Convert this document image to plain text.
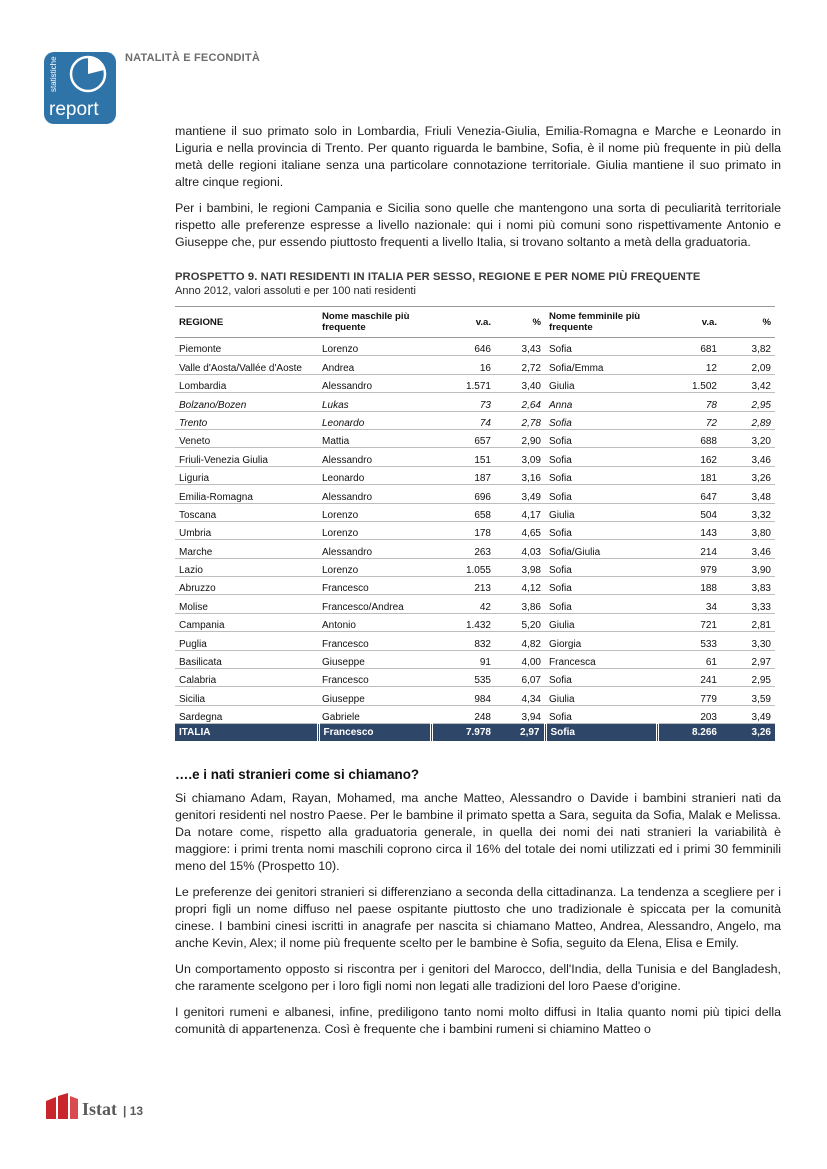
statistiche
report
NATALITÀ E FECONDITÀ

mantiene il suo primato solo in Lombardia, Friuli Venezia-Giulia, Emilia-Romagna e Marche e Leonardo in Liguria e nella provincia di Trento. Per quanto riguarda le bambine, Sofia, è il nome più frequente in più della metà delle regioni italiane senza una particolare connotazione territoriale. Giulia mantiene il suo primato in altre cinque regioni.

Per i bambini, le regioni Campania e Sicilia sono quelle che mantengono una sorta di peculiarità territoriale rispetto alle preferenze espresse a livello nazionale: qui i nomi più comuni sono rispettivamente Antonio e Giuseppe che, pur essendo piuttosto frequenti a livello Italia, si trovano soltanto a metà della graduatoria.

PROSPETTO 9. NATI RESIDENTI IN ITALIA PER SESSO, REGIONE E PER NOME PIÙ FREQUENTE
Anno 2012, valori assoluti e per 100 nati residenti
REGIONE	Nome maschile più frequente	v.a.	%	Nome femminile più frequente	v.a.	%
Piemonte	Lorenzo	646	3,43	Sofia	681	3,82
Valle d'Aosta/Vallée d'Aoste	Andrea	16	2,72	Sofia/Emma	12	2,09
Lombardia	Alessandro	1.571	3,40	Giulia	1.502	3,42
Bolzano/Bozen	Lukas	73	2,64	Anna	78	2,95
Trento	Leonardo	74	2,78	Sofia	72	2,89
Veneto	Mattia	657	2,90	Sofia	688	3,20
Friuli-Venezia Giulia	Alessandro	151	3,09	Sofia	162	3,46
Liguria	Leonardo	187	3,16	Sofia	181	3,26
Emilia-Romagna	Alessandro	696	3,49	Sofia	647	3,48
Toscana	Lorenzo	658	4,17	Giulia	504	3,32
Umbria	Lorenzo	178	4,65	Sofia	143	3,80
Marche	Alessandro	263	4,03	Sofia/Giulia	214	3,46
Lazio	Lorenzo	1.055	3,98	Sofia	979	3,90
Abruzzo	Francesco	213	4,12	Sofia	188	3,83
Molise	Francesco/Andrea	42	3,86	Sofia	34	3,33
Campania	Antonio	1.432	5,20	Giulia	721	2,81
Puglia	Francesco	832	4,82	Giorgia	533	3,30
Basilicata	Giuseppe	91	4,00	Francesca	61	2,97
Calabria	Francesco	535	6,07	Sofia	241	2,95
Sicilia	Giuseppe	984	4,34	Giulia	779	3,59
Sardegna	Gabriele	248	3,94	Sofia	203	3,49
ITALIA	Francesco	7.978	2,97	Sofia	8.266	3,26
….e i nati stranieri come si chiamano?

Si chiamano Adam, Rayan, Mohamed, ma anche Matteo, Alessandro o Davide i bambini stranieri nati da genitori residenti nel nostro Paese. Per le bambine il primato spetta a Sara, seguita da Sofia, Malak e Melissa. Da notare come, rispetto alla graduatoria generale, in quella dei nomi dei nati stranieri la variabilità è maggiore: i primi trenta nomi maschili coprono circa il 16% del totale dei nomi utilizzati ed i primi 30 femminili meno del 15% (Prospetto 10).

Le preferenze dei genitori stranieri si differenziano a seconda della cittadinanza. La tendenza a scegliere per i propri figli un nome diffuso nel paese ospitante piuttosto che uno tradizionale è spiccata per la comunità cinese. I bambini cinesi iscritti in anagrafe per nascita si chiamano Matteo, Andrea, Alessandro, Angelo, ma anche Kevin, Alex; il nome più frequente scelto per le bambine è Sofia, seguito da Elena, Elisa e Emily.

Un comportamento opposto si riscontra per i genitori del Marocco, dell'India, della Tunisia e del Bangladesh, che raramente scelgono per i loro figli nomi non legati alle tradizioni del loro Paese d'origine.

I genitori rumeni e albanesi, infine, prediligono tanto nomi molto diffusi in Italia quanto nomi più tipici della comunità di appartenenza. Così è frequente che i bambini rumeni si chiamino Matteo o

Istat | 13
